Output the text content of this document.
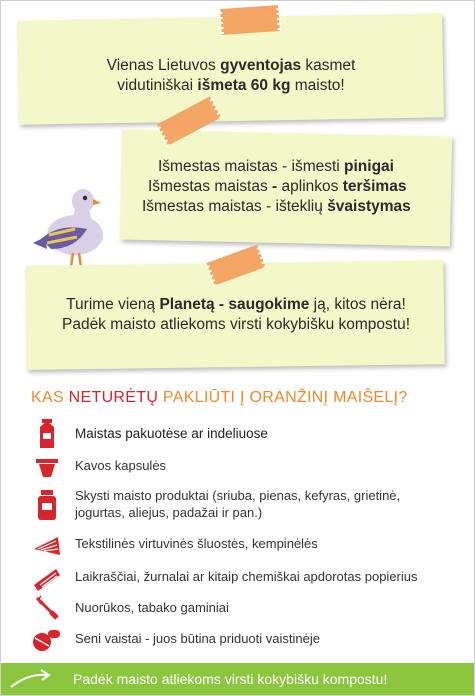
Vienas Lietuvos gyventojas kasmet
vidutiniškai išmeta 60 kg maisto!
Išmestas maistas - išmesti pinigai
Išmestas maistas - aplinkos teršimas
Išmestas maistas - išteklių švaistymas
Turime vieną Planetą - saugokime ją, kitos nėra!
Padėk maisto atliekoms virsti kokybišku kompostu!
KAS NETURĖTŲ PAKLIŪTI Į ORANŽINĮ MAIŠELĮ?
Maistas pakuotėse ar indeliuose
Kavos kapsulės
Skysti maisto produktai (sriuba, pienas, kefyras, grietinė,
jogurtas, aliejus, padažai ir pan.)
Tekstilinės virtuvinės šluostės, kempinėlės
Laikraščiai, žurnalai ar kitaip chemiškai apdorotas popierius
Nuorūkos, tabako gaminiai
Seni vaistai - juos būtina priduoti vaistinėje
Padėk maisto atliekoms virsti kokybišku kompostu!
